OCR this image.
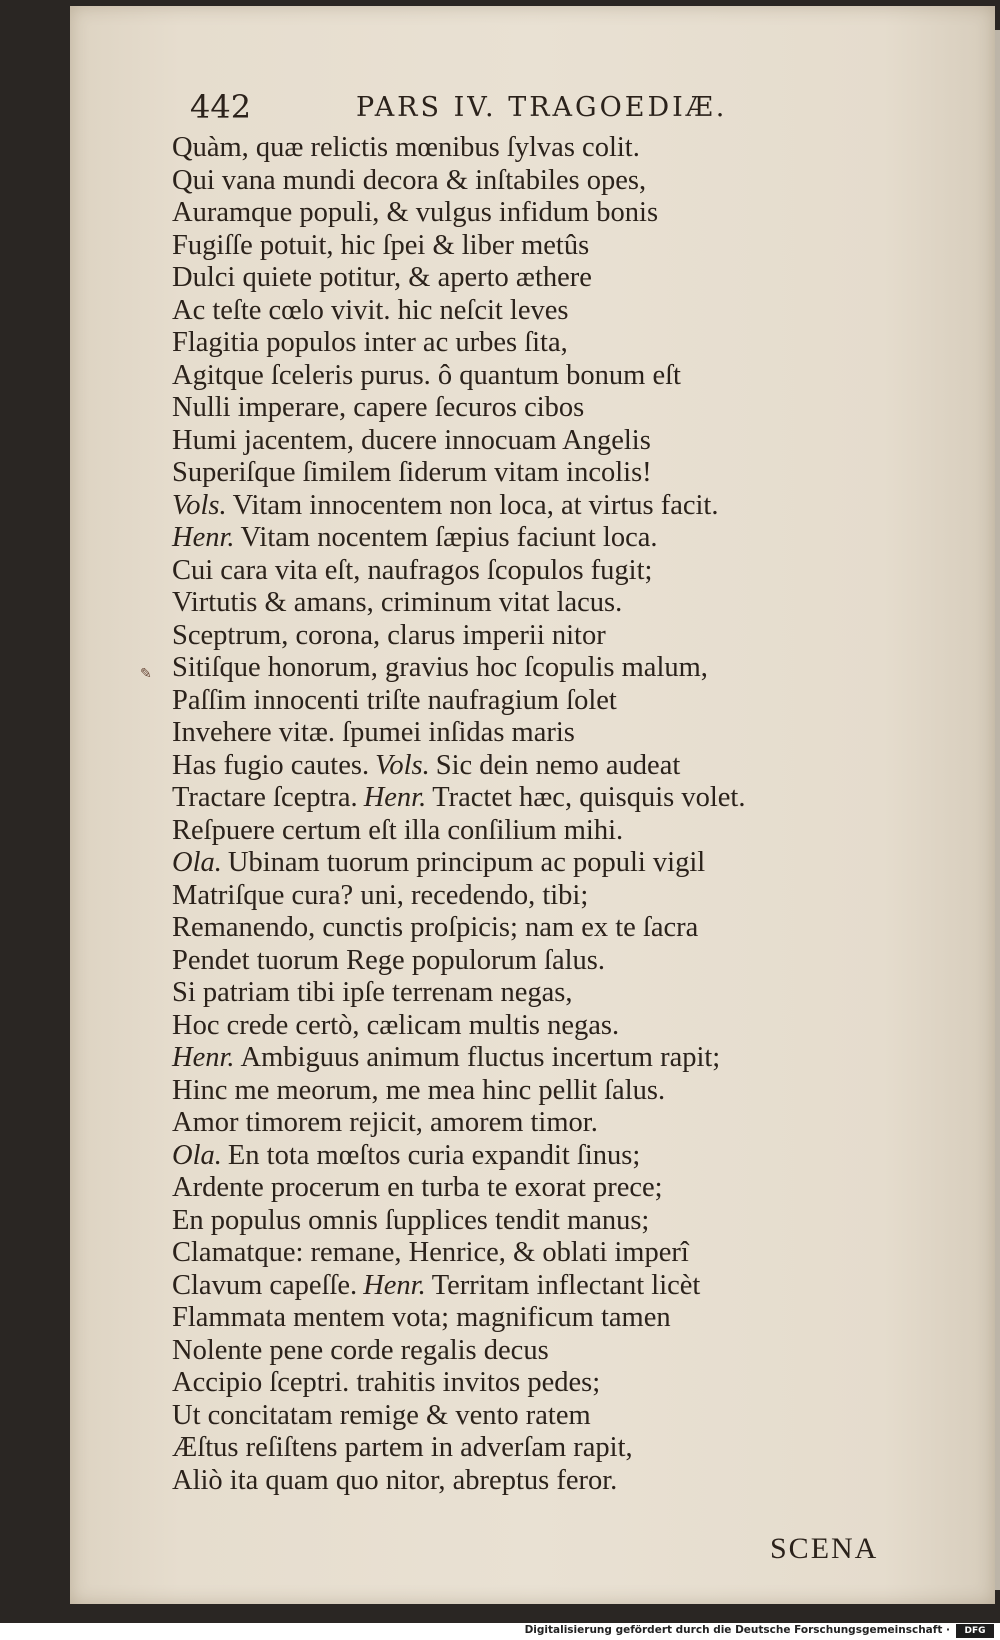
442	PARS IV. TRAGOEDIÆ.
✎
Quàm, quæ relictis mœnibus ſylvas colit.
Qui vana mundi decora & inſtabiles opes,
Auramque populi, & vulgus infidum bonis
Fugiſſe potuit, hic ſpei & liber metûs
Dulci quiete potitur, & aperto æthere
Ac teſte cœlo vivit. hic neſcit leves
Flagitia populos inter ac urbes ſita,
Agitque ſceleris purus. ô quantum bonum eſt
Nulli imperare, capere ſecuros cibos
Humi jacentem, ducere innocuam Angelis
Superiſque ſimilem ſiderum vitam incolis!
Vols. Vitam innocentem non loca, at virtus facit.
Henr. Vitam nocentem ſæpius faciunt loca.
Cui cara vita eſt, naufragos ſcopulos fugit;
Virtutis & amans, criminum vitat lacus.
Sceptrum, corona, clarus imperii nitor
Sitiſque honorum, gravius hoc ſcopulis malum,
Paſſim innocenti triſte naufragium ſolet
Invehere vitæ. ſpumei inſidas maris
Has fugio cautes. Vols. Sic dein nemo audeat
Tractare ſceptra. Henr. Tractet hæc, quisquis volet.
Reſpuere certum eſt illa conſilium mihi.
Ola. Ubinam tuorum principum ac populi vigil
Matriſque cura? uni, recedendo, tibi;
Remanendo, cunctis proſpicis; nam ex te ſacra
Pendet tuorum Rege populorum ſalus.
Si patriam tibi ipſe terrenam negas,
Hoc crede certò, cælicam multis negas.
Henr. Ambiguus animum fluctus incertum rapit;
Hinc me meorum, me mea hinc pellit ſalus.
Amor timorem rejicit, amorem timor.
Ola. En tota mœſtos curia expandit ſinus;
Ardente procerum en turba te exorat prece;
En populus omnis ſupplices tendit manus;
Clamatque: remane, Henrice, & oblati imperî
Clavum capeſſe. Henr. Territam inflectant licèt
Flammata mentem vota; magnificum tamen
Nolente pene corde regalis decus
Accipio ſceptri. trahitis invitos pedes;
Ut concitatam remige & vento ratem
Æſtus reſiſtens partem in adverſam rapit,
Aliò ita quam quo nitor, abreptus feror.
SCENA
Digitalisierung gefördert durch die Deutsche Forschungsgemeinschaft ·	DFG
